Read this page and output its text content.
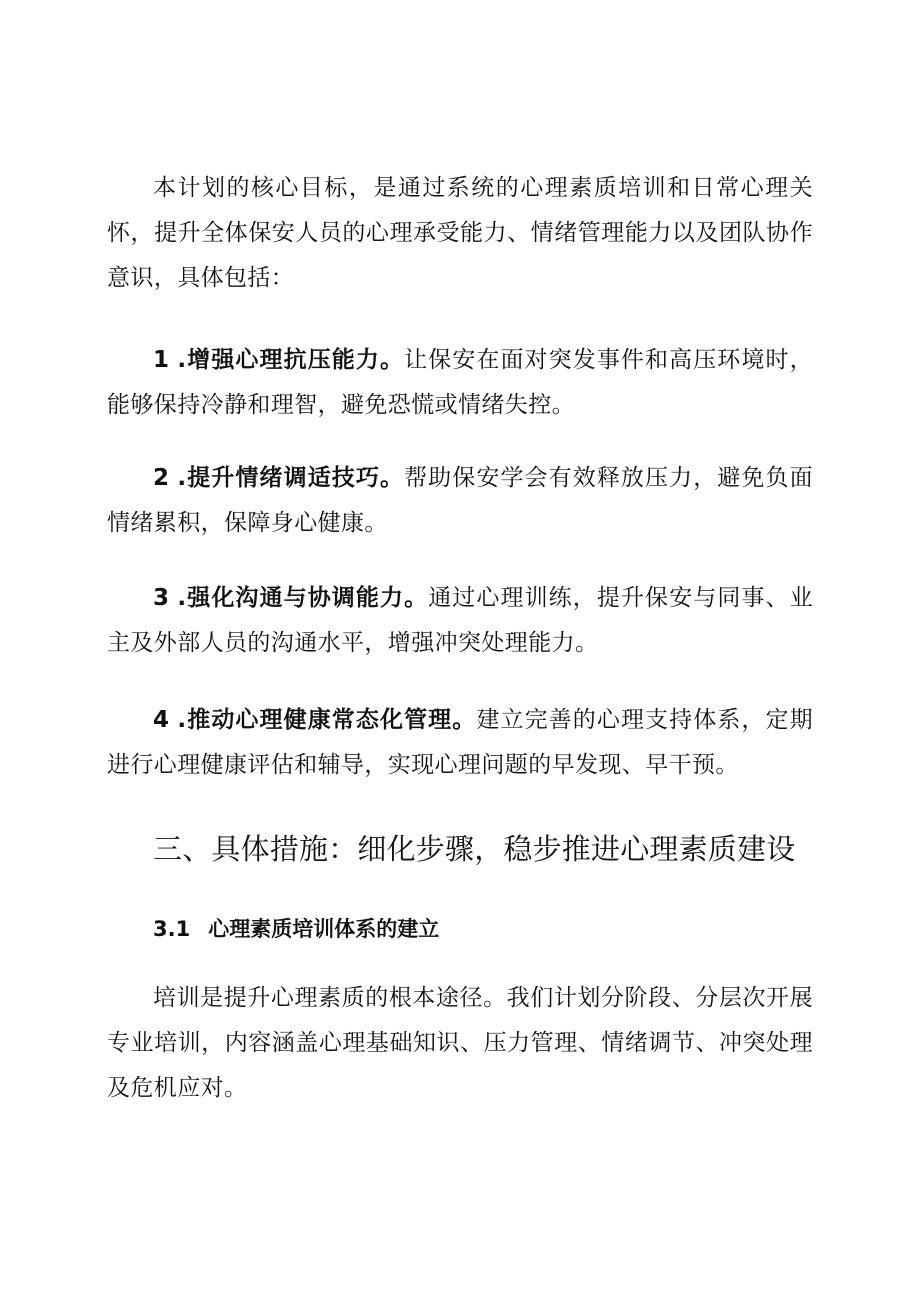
本计划的核心目标，是通过系统的心理素质培训和日常心理关怀，提升全体保安人员的心理承受能力、情绪管理能力以及团队协作意识，具体包括：

1 .增强心理抗压能力。让保安在面对突发事件和高压环境时，能够保持冷静和理智，避免恐慌或情绪失控。

2 .提升情绪调适技巧。帮助保安学会有效释放压力，避免负面情绪累积，保障身心健康。

3 .强化沟通与协调能力。通过心理训练，提升保安与同事、业主及外部人员的沟通水平，增强冲突处理能力。

4 .推动心理健康常态化管理。建立完善的心理支持体系，定期进行心理健康评估和辅导，实现心理问题的早发现、早干预。

三、具体措施：细化步骤，稳步推进心理素质建设
3.1 心理素质培训体系的建立

培训是提升心理素质的根本途径。我们计划分阶段、分层次开展专业培训，内容涵盖心理基础知识、压力管理、情绪调节、冲突处理及危机应对。
